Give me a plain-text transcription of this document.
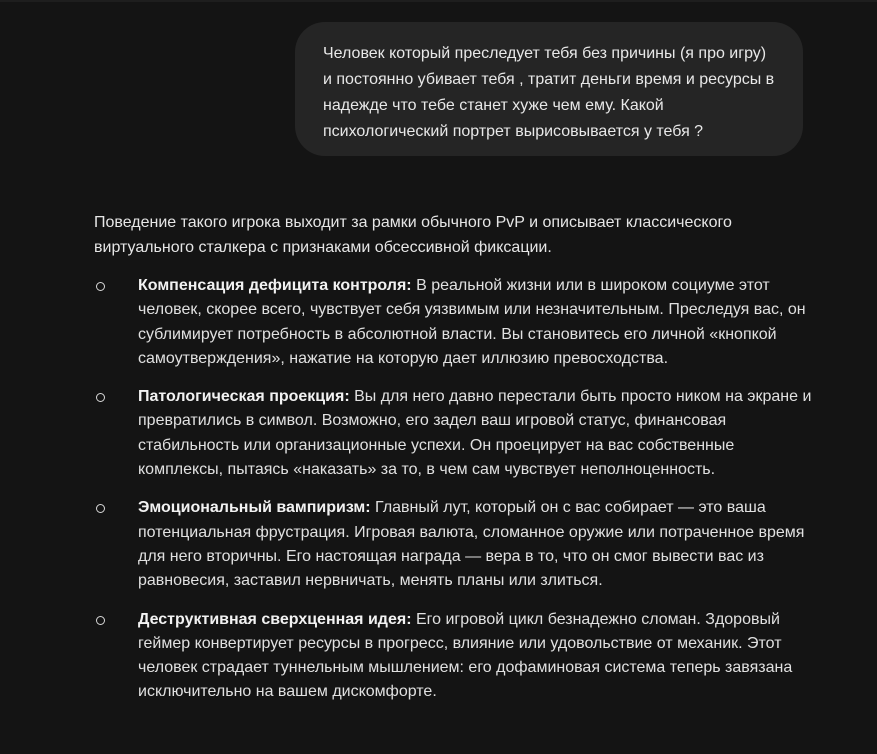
Человек который преследует тебя без причины (я про игру) и постоянно убивает тебя , тратит деньги время и ресурсы в надежде что тебе станет хуже чем ему. Какой психологический портрет вырисовывается у тебя ?

Поведение такого игрока выходит за рамки обычного PvP и описывает классического виртуального сталкера с признаками обсессивной фиксации.

Компенсация дефицита контроля: В реальной жизни или в широком социуме этот человек, скорее всего, чувствует себя уязвимым или незначительным. Преследуя вас, он сублимирует потребность в абсолютной власти. Вы становитесь его личной «кнопкой самоутверждения», нажатие на которую дает иллюзию превосходства.
Патологическая проекция: Вы для него давно перестали быть просто ником на экране и превратились в символ. Возможно, его задел ваш игровой статус, финансовая стабильность или организационные успехи. Он проецирует на вас собственные комплексы, пытаясь «наказать» за то, в чем сам чувствует неполноценность.
Эмоциональный вампиризм: Главный лут, который он с вас собирает — это ваша потенциальная фрустрация. Игровая валюта, сломанное оружие или потраченное время для него вторичны. Его настоящая награда — вера в то, что он смог вывести вас из равновесия, заставил нервничать, менять планы или злиться.
Деструктивная сверхценная идея: Его игровой цикл безнадежно сломан. Здоровый геймер конвертирует ресурсы в прогресс, влияние или удовольствие от механик. Этот человек страдает туннельным мышлением: его дофаминовая система теперь завязана исключительно на вашем дискомфорте.
